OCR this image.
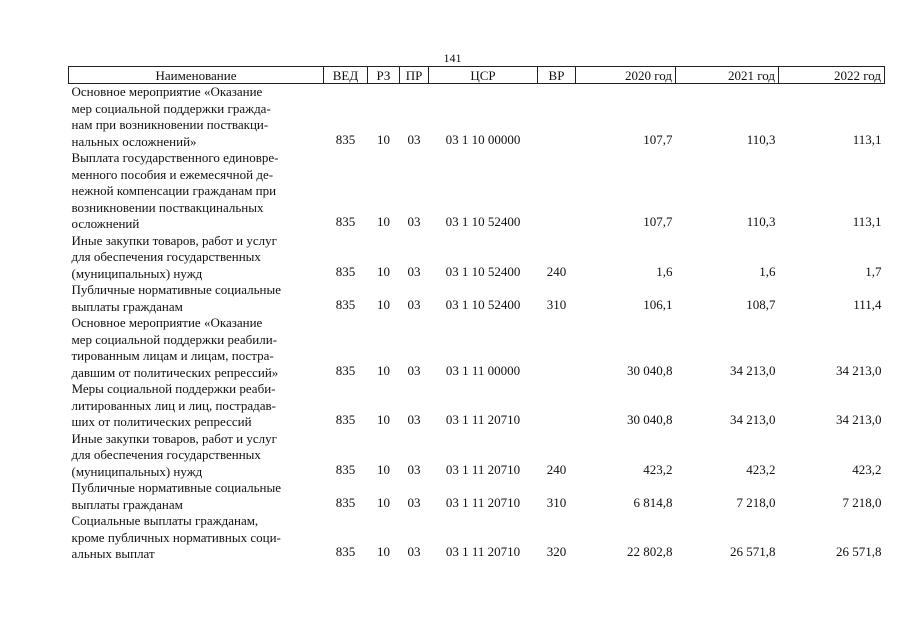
141
Наименование	ВЕД	РЗ	ПР	ЦСР	ВР	2020 год	2021 год	2022 год
Основное мероприятие «Оказание
мер социальной поддержки гражда-
нам при возникновении поствакци-
нальных осложнений»	835	10	03	03 1 10 00000		107,7	110,3	113,1
Выплата государственного единовре-
менного пособия и ежемесячной де-
нежной компенсации гражданам при
возникновении поствакцинальных
осложнений	835	10	03	03 1 10 52400		107,7	110,3	113,1
Иные закупки товаров, работ и услуг
для обеспечения государственных
(муниципальных) нужд	835	10	03	03 1 10 52400	240	1,6	1,6	1,7
Публичные нормативные социальные
выплаты гражданам	835	10	03	03 1 10 52400	310	106,1	108,7	111,4
Основное мероприятие «Оказание
мер социальной поддержки реабили-
тированным лицам и лицам, постра-
давшим от политических репрессий»	835	10	03	03 1 11 00000		30 040,8	34 213,0	34 213,0
Меры социальной поддержки реаби-
литированных лиц и лиц, пострадав-
ших от политических репрессий	835	10	03	03 1 11 20710		30 040,8	34 213,0	34 213,0
Иные закупки товаров, работ и услуг
для обеспечения государственных
(муниципальных) нужд	835	10	03	03 1 11 20710	240	423,2	423,2	423,2
Публичные нормативные социальные
выплаты гражданам	835	10	03	03 1 11 20710	310	6 814,8	7 218,0	7 218,0
Социальные выплаты гражданам,
кроме публичных нормативных соци-
альных выплат	835	10	03	03 1 11 20710	320	22 802,8	26 571,8	26 571,8
